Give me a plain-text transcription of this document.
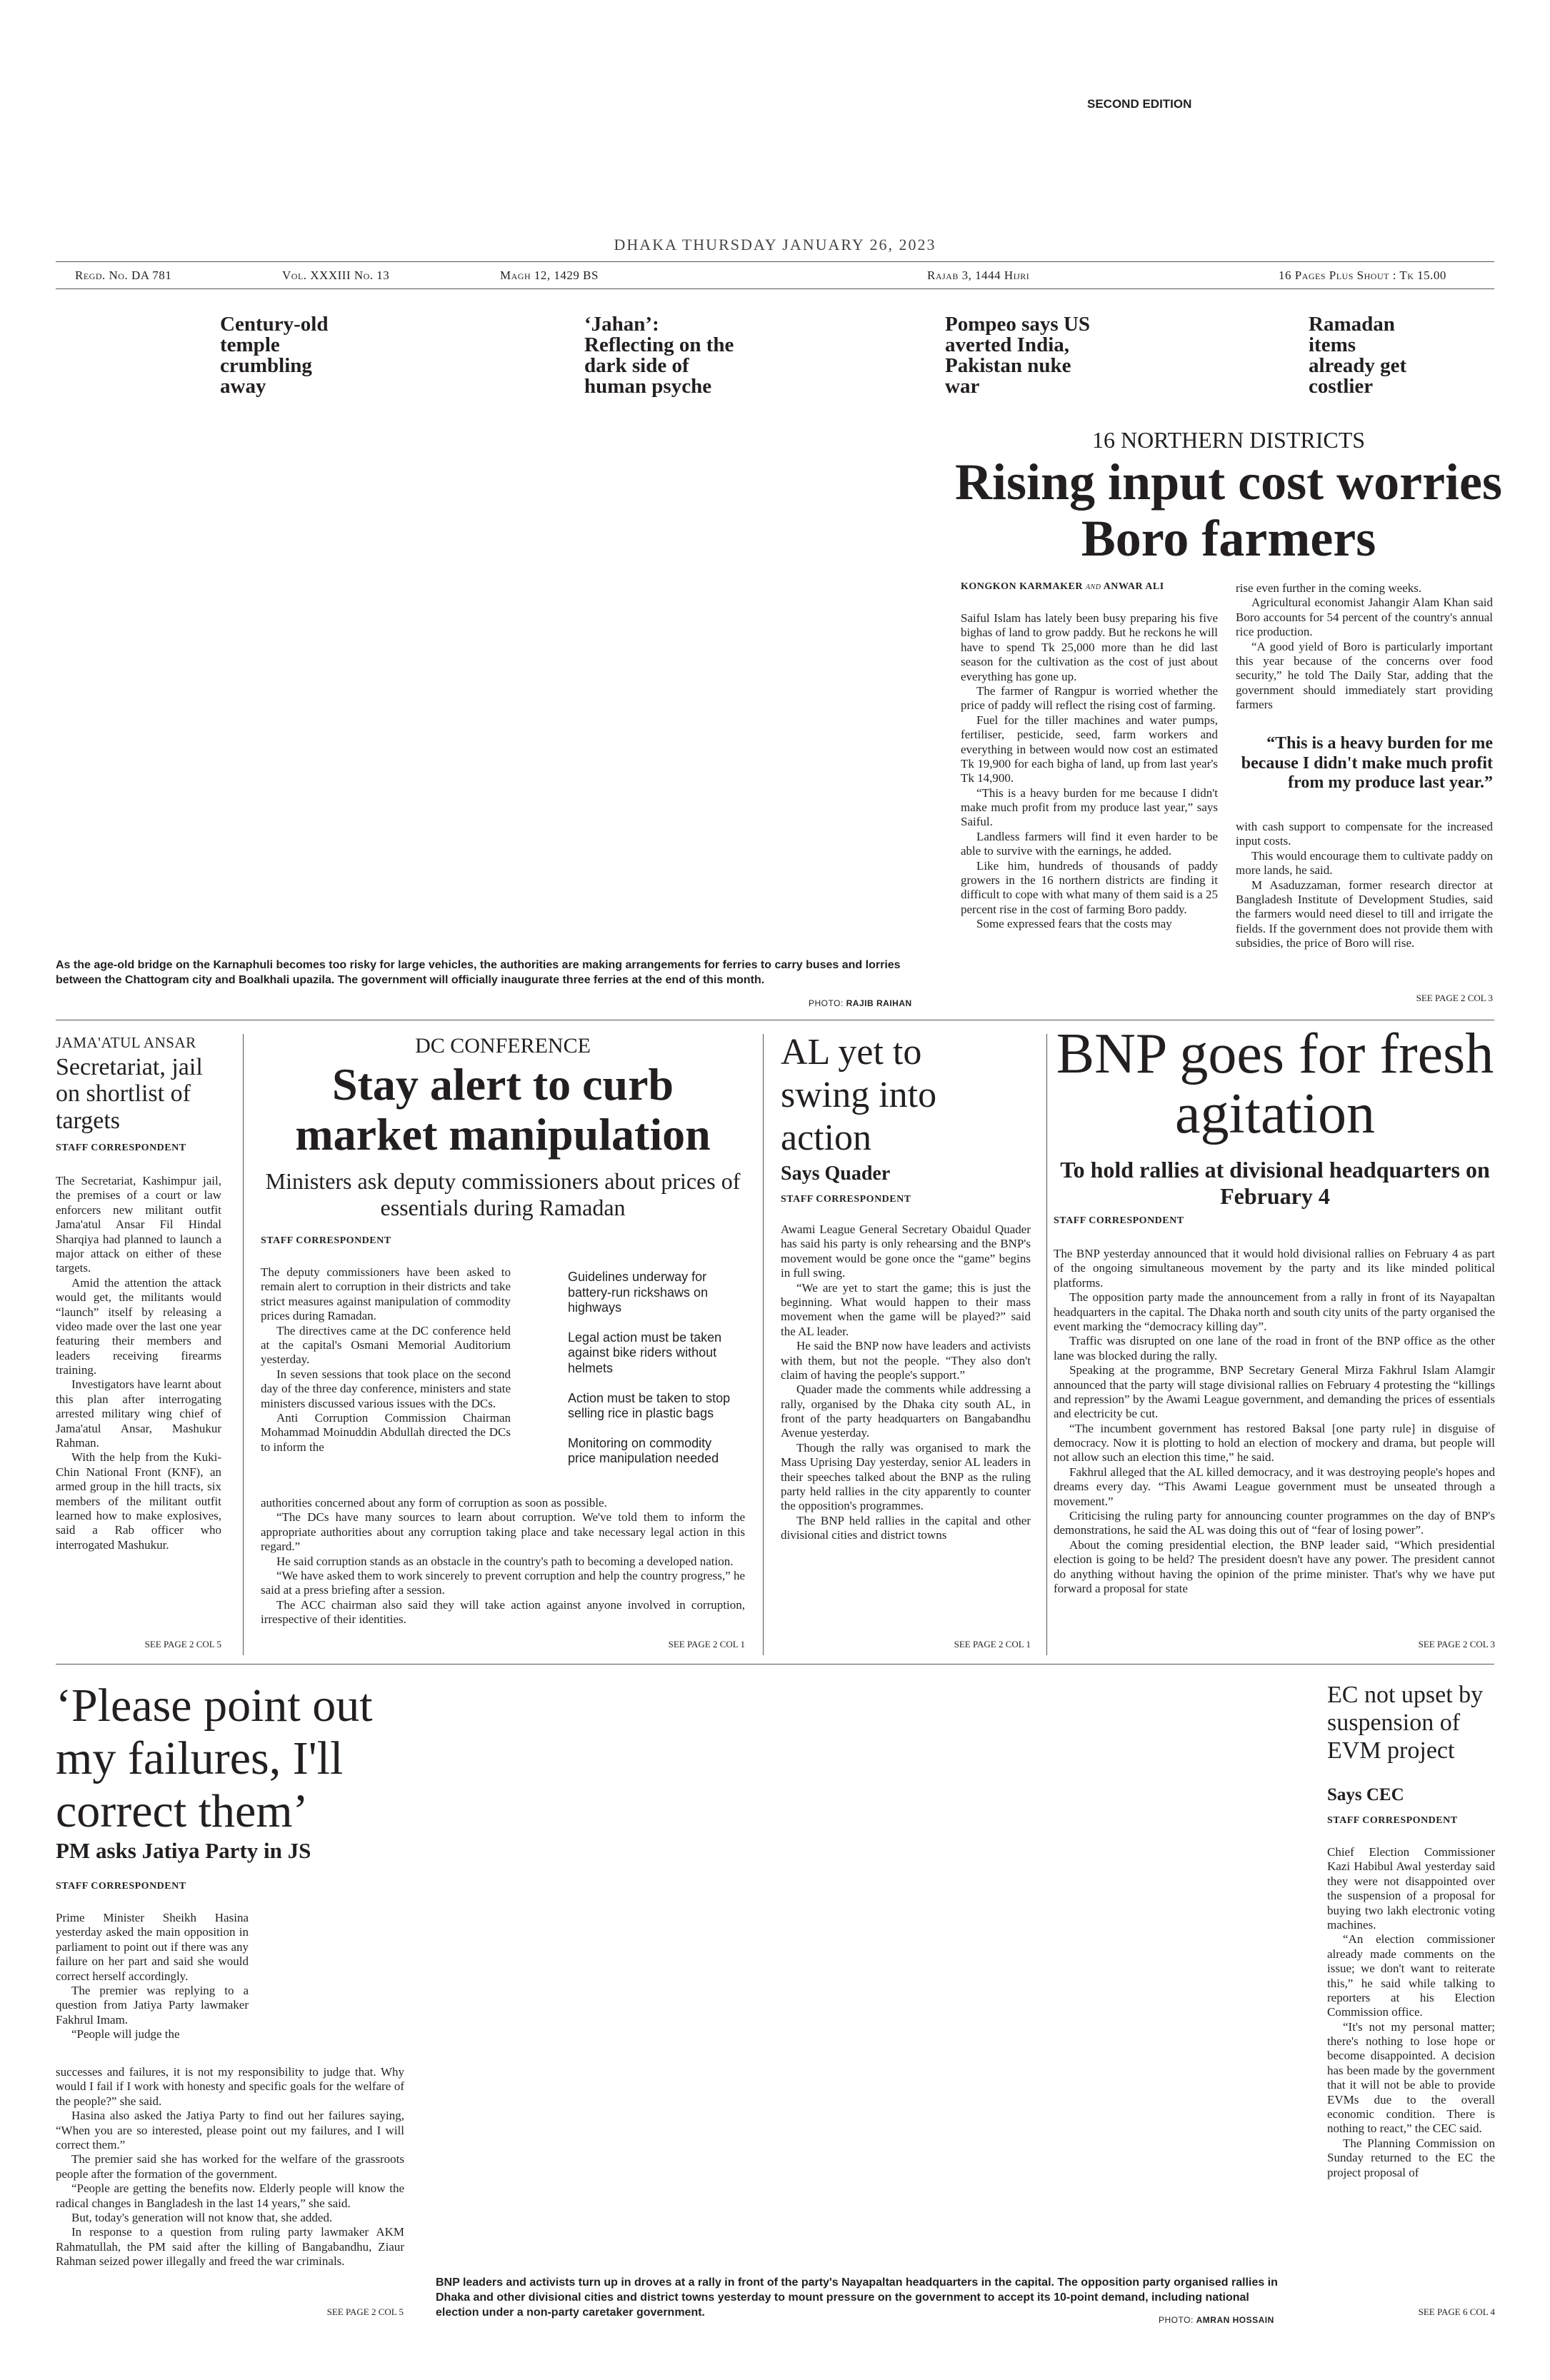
SECOND EDITION
DHAKA THURSDAY JANUARY 26, 2023
Regd. No. DA 781	Vol. XXXIII No. 13	Magh 12, 1429 BS	Rajab 3, 1444 Hijri	16 Pages Plus Shout : Tk 15.00
Century-old temple crumbling away
‘Jahan’: Reflecting on the dark side of human psyche
Pompeo says US averted India, Pakistan nuke war
Ramadan items already get costlier
As the age-old bridge on the Karnaphuli becomes too risky for large vehicles, the authorities are making arrangements for ferries to carry buses and lorries between the Chattogram city and Boalkhali upazila. The government will officially inaugurate three ferries at the end of this month.
PHOTO: RAJIB RAIHAN
16 NORTHERN DISTRICTS
Rising input cost worries Boro farmers
KONGKON KARMAKER and ANWAR ALI

Saiful Islam has lately been busy preparing his five bighas of land to grow paddy. But he reckons he will have to spend Tk 25,000 more than he did last season for the cultivation as the cost of just about everything has gone up.

The farmer of Rangpur is worried whether the price of paddy will reflect the rising cost of farming.

Fuel for the tiller machines and water pumps, fertiliser, pesticide, seed, farm workers and everything in between would now cost an estimated Tk 19,900 for each bigha of land, up from last year's Tk 14,900.

“This is a heavy burden for me because I didn't make much profit from my produce last year,” says Saiful.

Landless farmers will find it even harder to be able to survive with the earnings, he added.

Like him, hundreds of thousands of paddy growers in the 16 northern districts are finding it difficult to cope with what many of them said is a 25 percent rise in the cost of farming Boro paddy.

Some expressed fears that the costs may

rise even further in the coming weeks.

Agricultural economist Jahangir Alam Khan said Boro accounts for 54 percent of the country's annual rice production.

“A good yield of Boro is particularly important this year because of the concerns over food security,” he told The Daily Star, adding that the government should immediately start providing farmers

“This is a heavy burden for me because I didn't make much profit from my produce last year.”

with cash support to compensate for the increased input costs.

This would encourage them to cultivate paddy on more lands, he said.

M Asaduzzaman, former research director at Bangladesh Institute of Development Studies, said the farmers would need diesel to till and irrigate the fields. If the government does not provide them with subsidies, the price of Boro will rise.

SEE PAGE 2 COL 3
JAMA'ATUL ANSAR
Secretariat, jail on shortlist of targets
STAFF CORRESPONDENT

The Secretariat, Kashimpur jail, the premises of a court or law enforcers new militant outfit Jama'atul Ansar Fil Hindal Sharqiya had planned to launch a major attack on either of these targets.

Amid the attention the attack would get, the militants would “launch” itself by releasing a video made over the last one year featuring their members and leaders receiving firearms training.

Investigators have learnt about this plan after interrogating arrested military wing chief of Jama'atul Ansar, Mashukur Rahman.

With the help from the Kuki-Chin National Front (KNF), an armed group in the hill tracts, six members of the militant outfit learned how to make explosives, said a Rab officer who interrogated Mashukur.

SEE PAGE 2 COL 5
DC CONFERENCE
Stay alert to curb market manipulation
Ministers ask deputy commissioners about prices of essentials during Ramadan
STAFF CORRESPONDENT

The deputy commissioners have been asked to remain alert to corruption in their districts and take strict measures against manipulation of commodity prices during Ramadan.

The directives came at the DC conference held at the capital's Osmani Memorial Auditorium yesterday.

In seven sessions that took place on the second day of the three day conference, ministers and state ministers discussed various issues with the DCs.

Anti Corruption Commission Chairman Mohammad Moinuddin Abdullah directed the DCs to inform the

Guidelines underway for battery-run rickshaws on highways
Legal action must be taken against bike riders without helmets
Action must be taken to stop selling rice in plastic bags
Monitoring on commodity price manipulation needed

authorities concerned about any form of corruption as soon as possible.

“The DCs have many sources to learn about corruption. We've told them to inform the appropriate authorities about any corruption taking place and take necessary legal action in this regard.”

He said corruption stands as an obstacle in the country's path to becoming a developed nation.

“We have asked them to work sincerely to prevent corruption and help the country progress,” he said at a press briefing after a session.

The ACC chairman also said they will take action against anyone involved in corruption, irrespective of their identities.

SEE PAGE 2 COL 1
AL yet to swing into action
Says Quader
STAFF CORRESPONDENT

Awami League General Secretary Obaidul Quader has said his party is only rehearsing and the BNP's movement would be gone once the “game” begins in full swing.

“We are yet to start the game; this is just the beginning. What would happen to their mass movement when the game will be played?” said the AL leader.

He said the BNP now have leaders and activists with them, but not the people. “They also don't claim of having the people's support.”

Quader made the comments while addressing a rally, organised by the Dhaka city south AL, in front of the party headquarters on Bangabandhu Avenue yesterday.

Though the rally was organised to mark the Mass Uprising Day yesterday, senior AL leaders in their speeches talked about the BNP as the ruling party held rallies in the city apparently to counter the opposition's programmes.

The BNP held rallies in the capital and other divisional cities and district towns

SEE PAGE 2 COL 1
BNP goes for fresh agitation
To hold rallies at divisional headquarters on February 4
STAFF CORRESPONDENT

The BNP yesterday announced that it would hold divisional rallies on February 4 as part of the ongoing simultaneous movement by the party and its like minded political platforms.

The opposition party made the announcement from a rally in front of its Nayapaltan headquarters in the capital. The Dhaka north and south city units of the party organised the event marking the “democracy killing day”.

Traffic was disrupted on one lane of the road in front of the BNP office as the other lane was blocked during the rally.

Speaking at the programme, BNP Secretary General Mirza Fakhrul Islam Alamgir announced that the party will stage divisional rallies on February 4 protesting the “killings and repression” by the Awami League government, and demanding the prices of essentials and electricity be cut.

“The incumbent government has restored Baksal [one party rule] in disguise of democracy. Now it is plotting to hold an election of mockery and drama, but people will not allow such an election this time,” he said.

Fakhrul alleged that the AL killed democracy, and it was destroying people's hopes and dreams every day. “This Awami League government must be unseated through a movement.”

Criticising the ruling party for announcing counter programmes on the day of BNP's demonstrations, he said the AL was doing this out of “fear of losing power”.

About the coming presidential election, the BNP leader said, “Which presidential election is going to be held? The president doesn't have any power. The president cannot do anything without having the opinion of the prime minister. That's why we have put forward a proposal for state

SEE PAGE 2 COL 3
‘Please point out my failures, I'll correct them’
PM asks Jatiya Party in JS
STAFF CORRESPONDENT

Prime Minister Sheikh Hasina yesterday asked the main opposition in parliament to point out if there was any failure on her part and said she would correct herself accordingly.

The premier was replying to a question from Jatiya Party lawmaker Fakhrul Imam.

“People will judge the

successes and failures, it is not my responsibility to judge that. Why would I fail if I work with honesty and specific goals for the welfare of the people?” she said.

Hasina also asked the Jatiya Party to find out her failures saying, “When you are so interested, please point out my failures, and I will correct them.”

The premier said she has worked for the welfare of the grassroots people after the formation of the government.

“People are getting the benefits now. Elderly people will know the radical changes in Bangladesh in the last 14 years,” she said.

But, today's generation will not know that, she added.

In response to a question from ruling party lawmaker AKM Rahmatullah, the PM said after the killing of Bangabandhu, Ziaur Rahman seized power illegally and freed the war criminals.

SEE PAGE 2 COL 5
BNP leaders and activists turn up in droves at a rally in front of the party's Nayapaltan headquarters in the capital. The opposition party organised rallies in Dhaka and other divisional cities and district towns yesterday to mount pressure on the government to accept its 10-point demand, including national election under a non-party caretaker government.
PHOTO: AMRAN HOSSAIN
EC not upset by suspension of EVM project
Says CEC
STAFF CORRESPONDENT

Chief Election Commissioner Kazi Habibul Awal yesterday said they were not disappointed over the suspension of a proposal for buying two lakh electronic voting machines.

“An election commissioner already made comments on the issue; we don't want to reiterate this,” he said while talking to reporters at his Election Commission office.

“It's not my personal matter; there's nothing to lose hope or become disappointed. A decision has been made by the government that it will not be able to provide EVMs due to the overall economic condition. There is nothing to react,” the CEC said.

The Planning Commission on Sunday returned to the EC the project proposal of

SEE PAGE 6 COL 4
